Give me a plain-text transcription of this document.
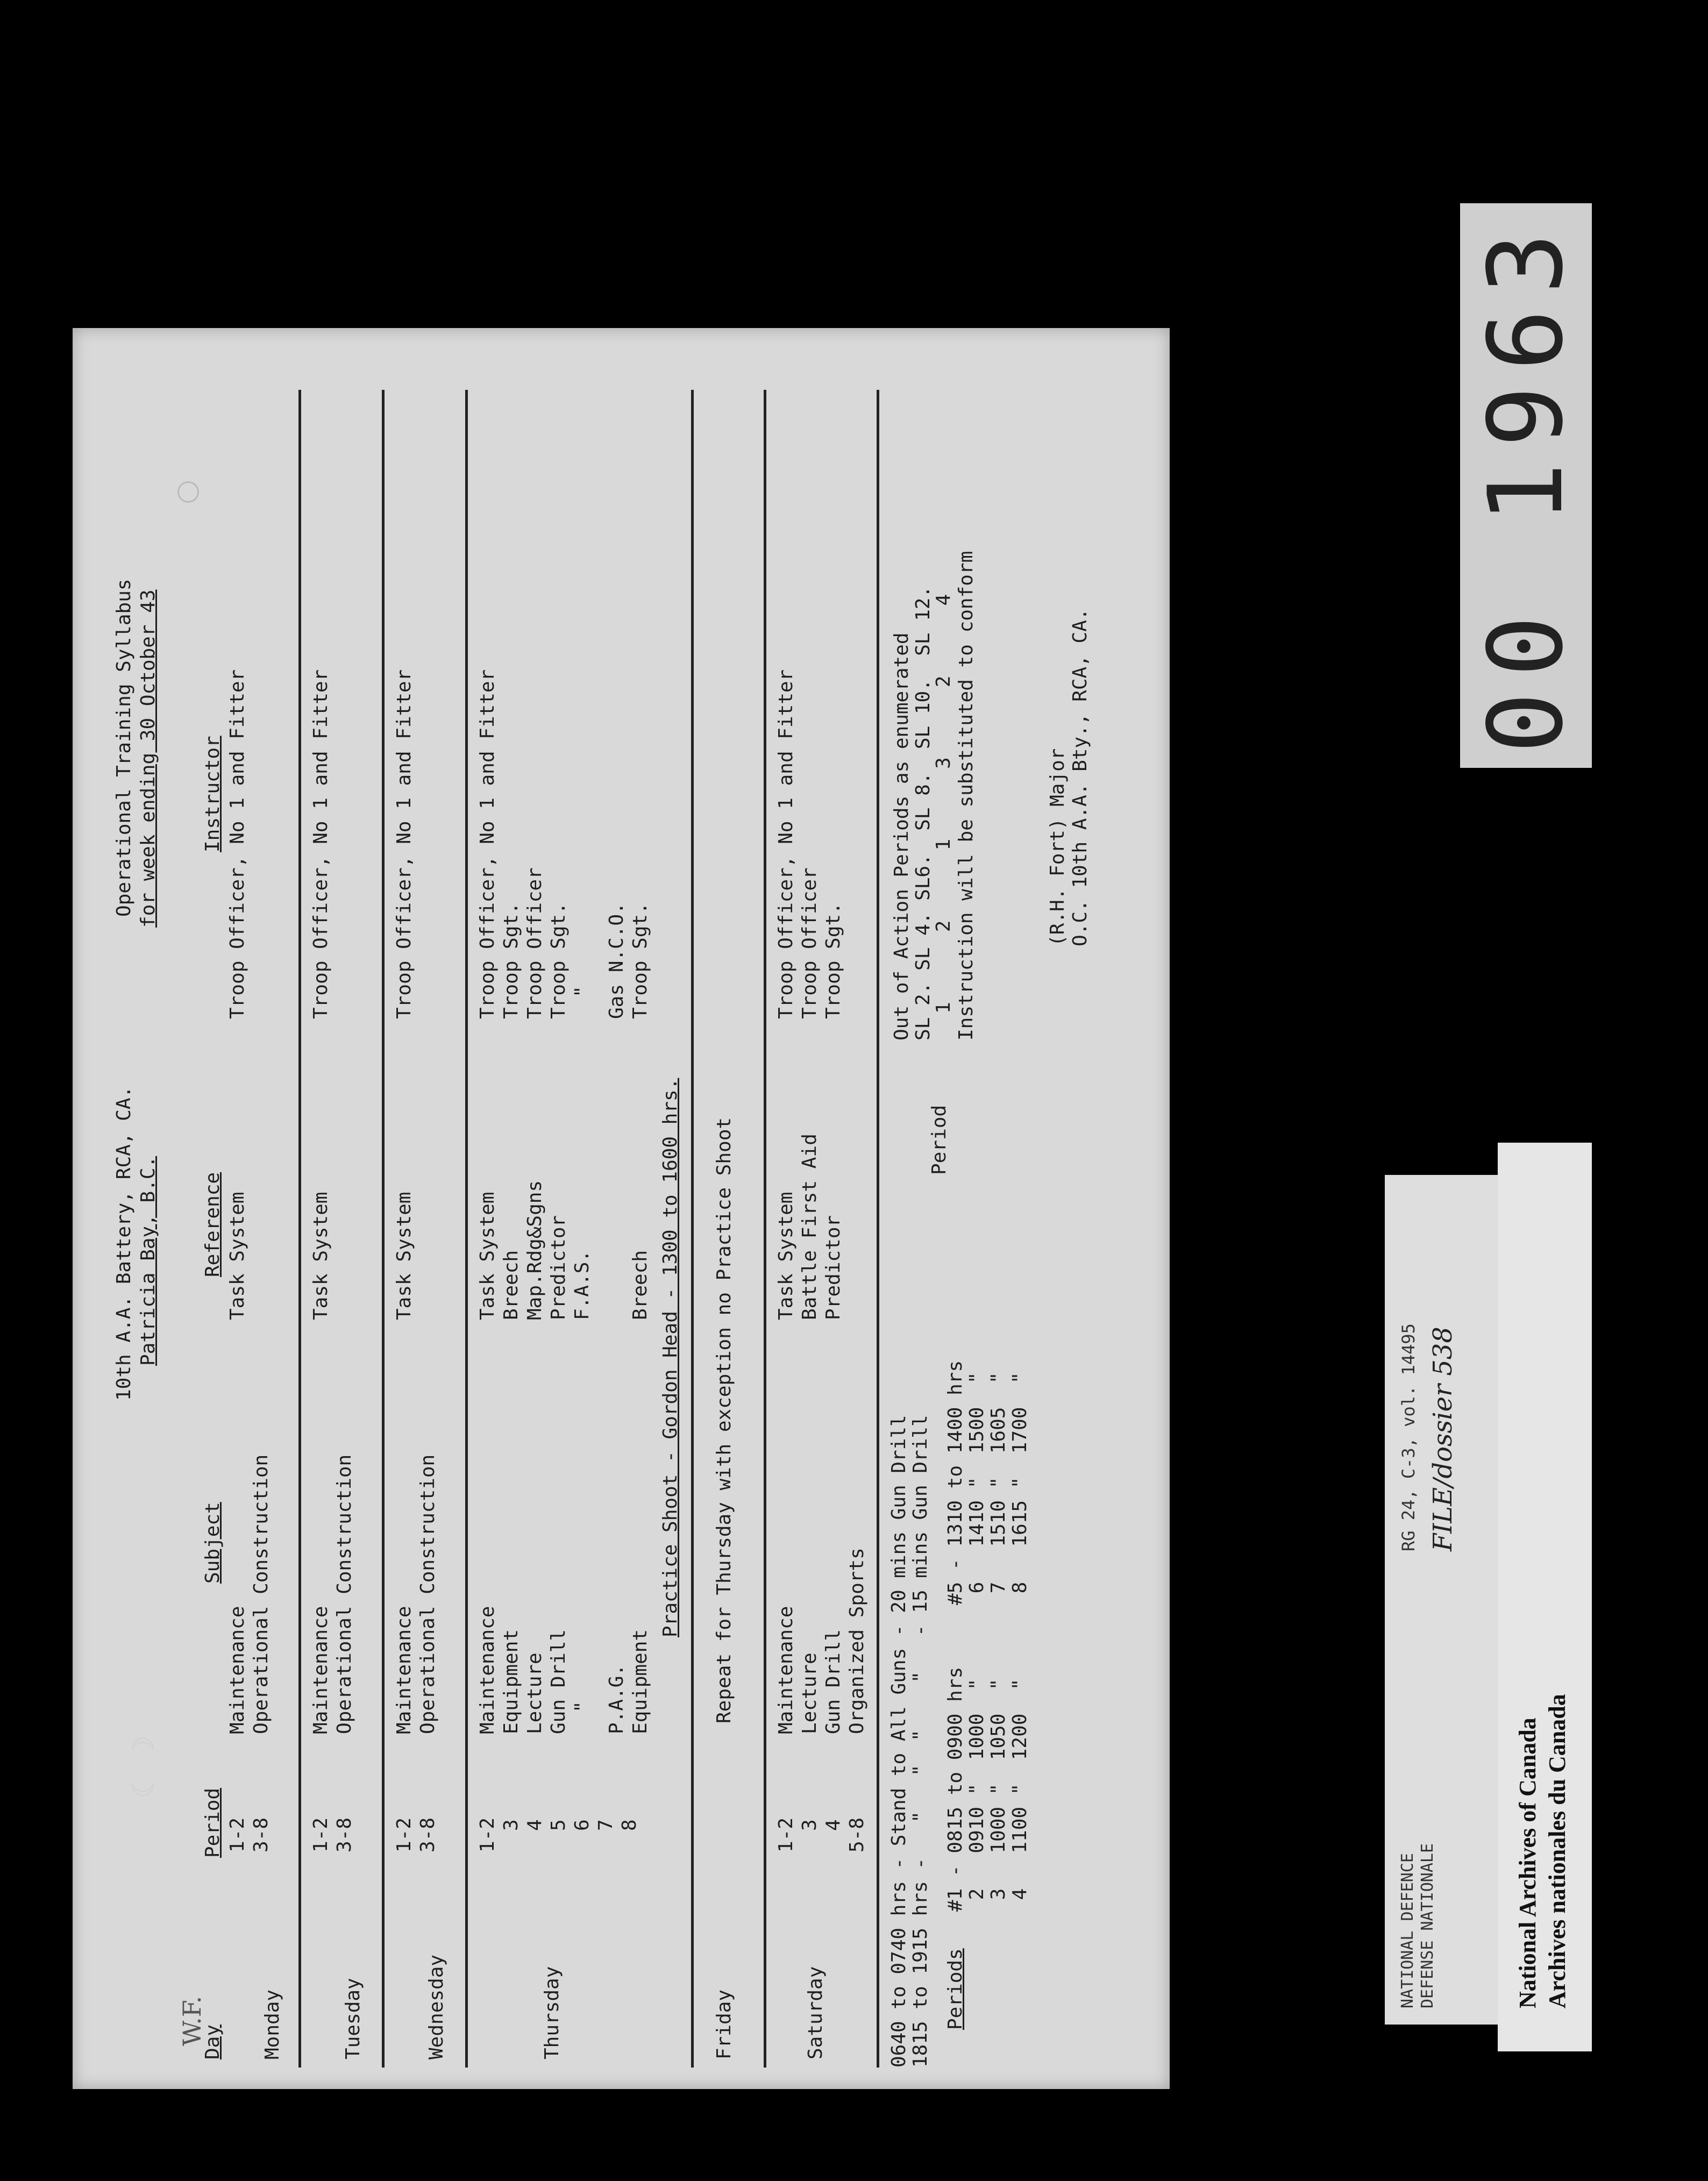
W.F.
10th A.A. Battery, RCA, CA. Patricia Bay, B.C.
Operational Training Syllabus for week ending 30 October 43
Day
Period
Subject
Reference
Instructor
Monday
1-2 3-8
Maintenance Operational Construction
Task System
Troop Officer, No 1 and Fitter
Tuesday
1-2 3-8
Maintenance Operational Construction
Task System
Troop Officer, No 1 and Fitter
Wednesday
1-2 3-8
Maintenance Operational Construction
Task System
Troop Officer, No 1 and Fitter
Thursday
1-2 3 4 5 6 7 8
Maintenance Equipment Lecture Gun Drill " P.A.G. Equipment
Task System Breech Map.Rdg&Sgns Predictor F.A.S. Breech
Troop Officer, No 1 and Fitter Troop Sgt. Troop Officer Troop Sgt. " Gas N.C.O. Troop Sgt.
Practice Shoot - Gordon Head - 1300 to 1600 hrs.
Friday
Repeat for Thursday with exception no Practice Shoot
Saturday
1-2 3 4 5-8
Maintenance Lecture Gun Drill Organized Sports
Task System Battle First Aid Predictor
Troop Officer, No 1 and Fitter Troop Officer Troop Sgt.
0640 to 0740 hrs - Stand to All Guns - 20 mins Gun Drill 1815 to 1915 hrs -   "   "  "    "   - 15 mins Gun Drill Periods
#1 - 0815 to 0900 hrs 2   0910 "  1000  " 3   1000 "  1050  " 4   1100 "  1200  "
#5 - 1310 to 1400 hrs 6   1410 "  1500  " 7   1510 "  1605  " 8   1615 "  1700  "
Out of Action Periods as enumerated SL 2. SL 4. SL6.  SL 8.  SL 10.  SL 12.
Period
1      2      1      3      2      4 Instruction will be substituted to conform	(R.H. Fort) Major O.C. 10th A.A. Bty., RCA, CA.
☾ ☽
00 1963
NATIONAL DEFENCE DEFENSE NATIONALE
RG 24, C-3, vol. 14495 FILE/dossier 538
National Archives of Canada Archives nationales du Canada
